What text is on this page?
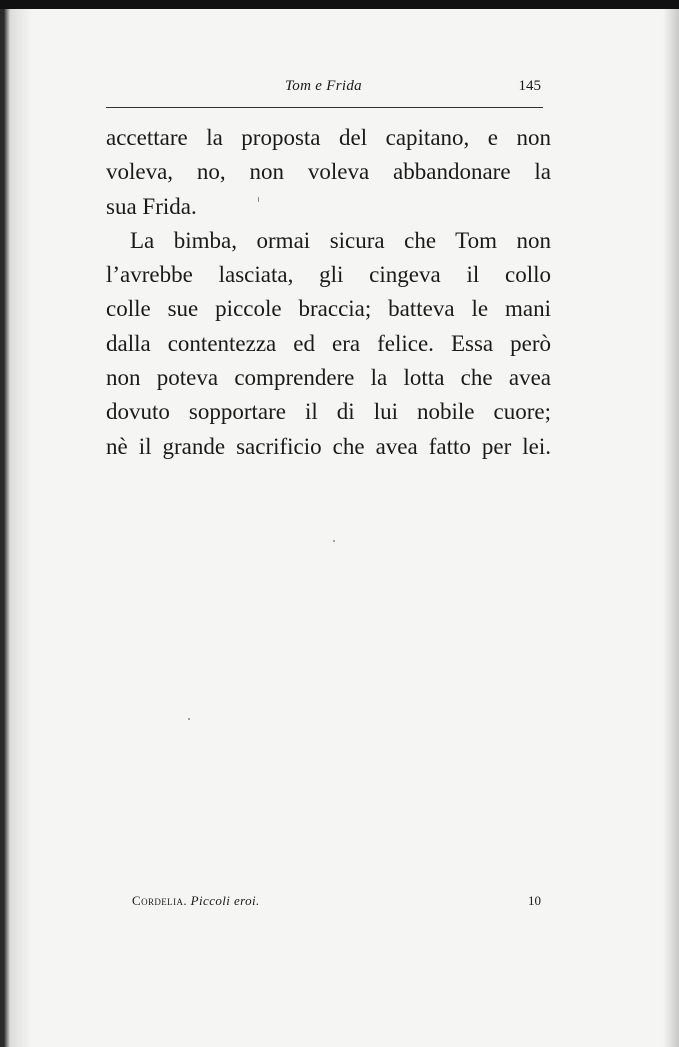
Tom e Frida	145

accettare la proposta del capitano, e non
voleva, no, non voleva abbandonare la
sua Frida.

La bimba, ormai sicura che Tom non
l’avrebbe lasciata, gli cingeva il collo
colle sue piccole braccia; batteva le mani
dalla contentezza ed era felice. Essa però
non poteva comprendere la lotta che avea
dovuto sopportare il di lui nobile cuore;
nè il grande sacrificio che avea fatto per lei.

Cordelia. Piccoli eroi.	10
